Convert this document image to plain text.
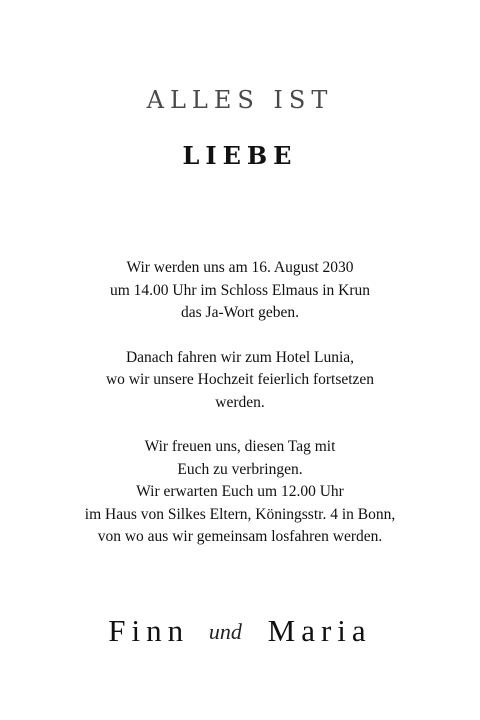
ALLES IST
LIEBE

Wir werden uns am 16. August 2030
um 14.00 Uhr im Schloss Elmaus in Krun
das Ja-Wort geben.

Danach fahren wir zum Hotel Lunia,
wo wir unsere Hochzeit feierlich fortsetzen
werden.

Wir freuen uns, diesen Tag mit
Euch zu verbringen.
Wir erwarten Euch um 12.00 Uhr
im Haus von Silkes Eltern, Köningsstr. 4 in Bonn,
von wo aus wir gemeinsam losfahren werden.

Finn und Maria
